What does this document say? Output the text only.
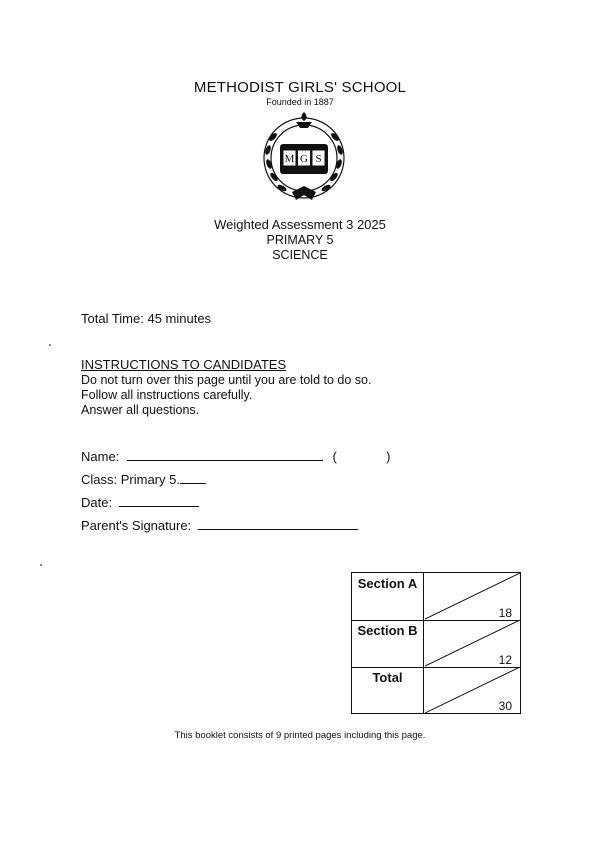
METHODIST GIRLS' SCHOOL
Founded in 1887
M G S
Weighted Assessment 3 2025
PRIMARY 5
SCIENCE
Total Time: 45 minutes
INSTRUCTIONS TO CANDIDATES
Do not turn over this page until you are told to do so.
Follow all instructions carefully.
Answer all questions.
Name:	(	)
Class: Primary 5.
Date:
Parent's Signature:
Section A
18
Section B
12
Total
30
This booklet consists of 9 printed pages including this page.
